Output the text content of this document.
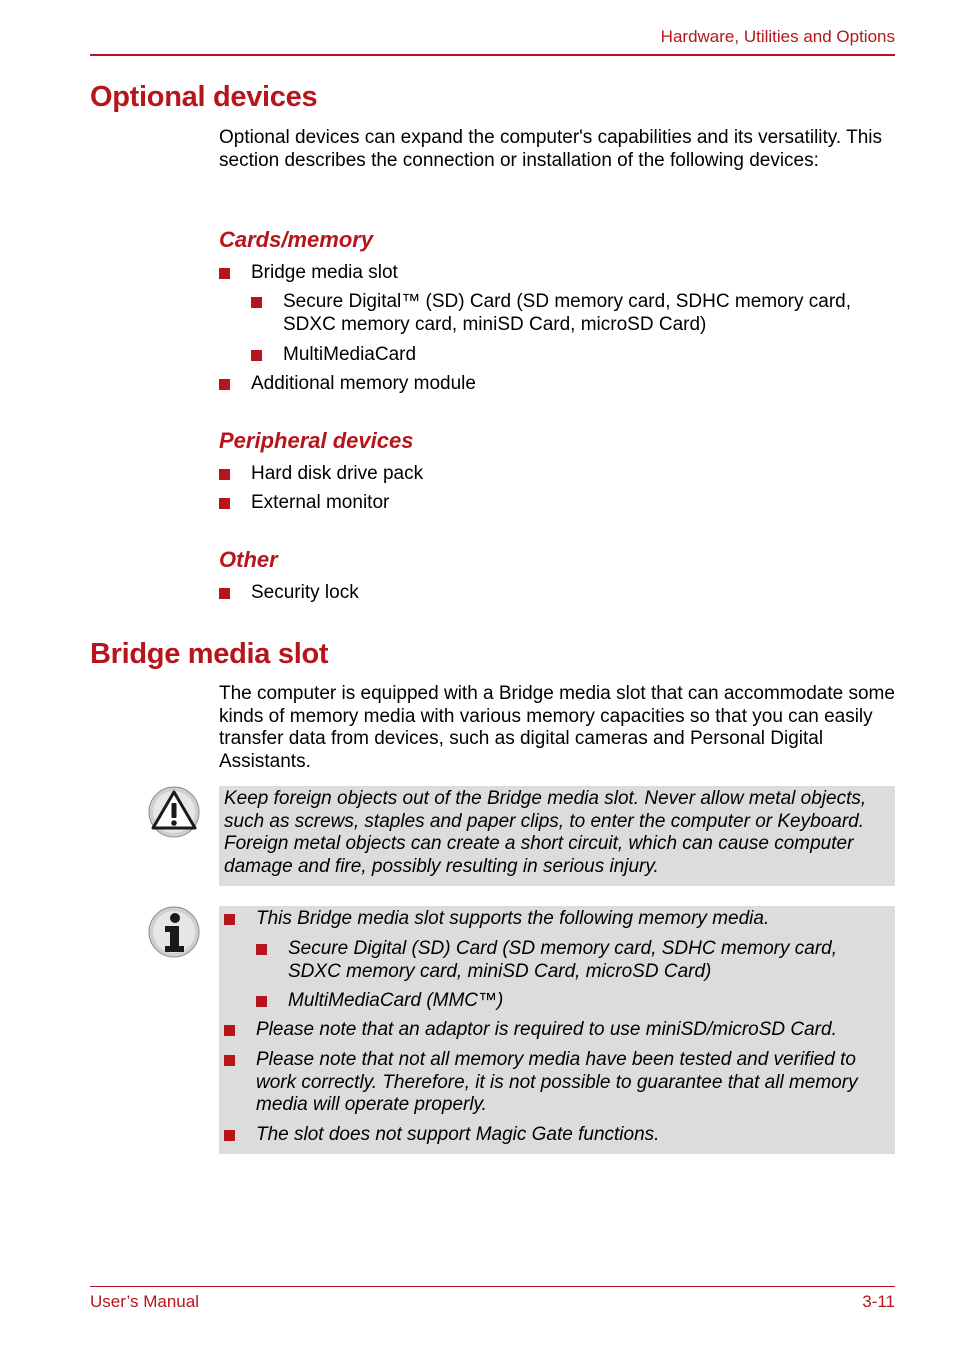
Hardware, Utilities and Options
Optional devices
Optional devices can expand the computer's capabilities and its versatility. This section describes the connection or installation of the following devices:
Cards/memory
Bridge media slot
Secure Digital™ (SD) Card (SD memory card, SDHC memory card, SDXC memory card, miniSD Card, microSD Card)
MultiMediaCard
Additional memory module
Peripheral devices
Hard disk drive pack
External monitor
Other
Security lock
Bridge media slot
The computer is equipped with a Bridge media slot that can accommodate some kinds of memory media with various memory capacities so that you can easily transfer data from devices, such as digital cameras and Personal Digital Assistants.
Keep foreign objects out of the Bridge media slot. Never allow metal objects, such as screws, staples and paper clips, to enter the computer or Keyboard. Foreign metal objects can create a short circuit, which can cause computer damage and fire, possibly resulting in serious injury.
This Bridge media slot supports the following memory media.
Secure Digital (SD) Card (SD memory card, SDHC memory card, SDXC memory card, miniSD Card, microSD Card)
MultiMediaCard (MMC™)
Please note that an adaptor is required to use miniSD/microSD Card.
Please note that not all memory media have been tested and verified to work correctly. Therefore, it is not possible to guarantee that all memory media will operate properly.
The slot does not support Magic Gate functions.
User’s Manual	3-11
